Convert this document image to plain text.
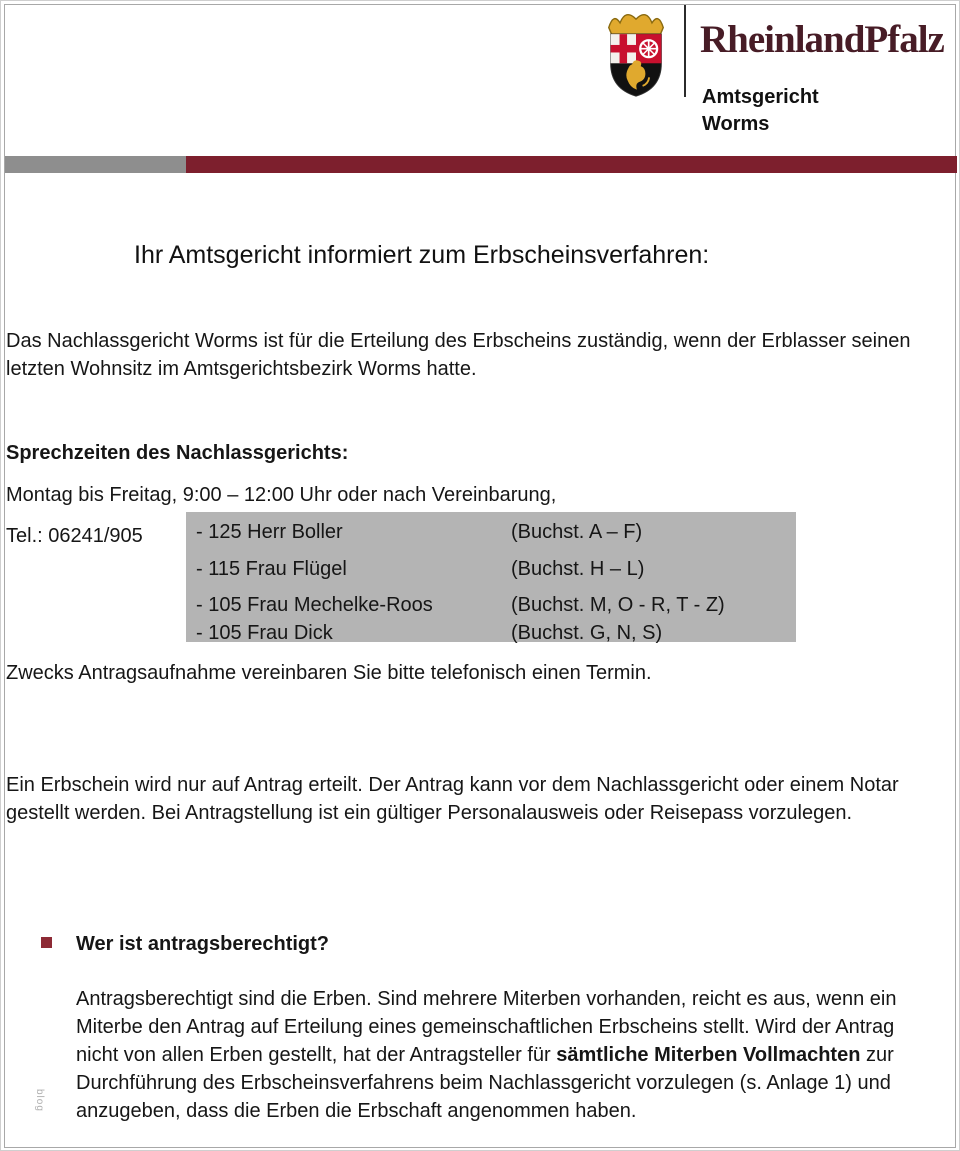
RheinlandPfalz
Amtsgericht
Worms
Ihr Amtsgericht informiert zum Erbscheinsverfahren:
Das Nachlassgericht Worms ist für die Erteilung des Erbscheins zuständig, wenn der Erblasser seinen letzten Wohnsitz im Amtsgerichtsbezirk Worms hatte.
Sprechzeiten des Nachlassgerichts:
Montag bis Freitag, 9:00 – 12:00 Uhr oder nach Vereinbarung,
Tel.: 06241/905	- 125 Herr Boller	(Buchst. A – F)
- 115 Frau Flügel	(Buchst. H – L)
- 105 Frau Mechelke-Roos	(Buchst. M, O - R, T - Z)
- 105 Frau Dick	(Buchst. G, N, S)
Zwecks Antragsaufnahme vereinbaren Sie bitte telefonisch einen Termin.
Ein Erbschein wird nur auf Antrag erteilt. Der Antrag kann vor dem Nachlassgericht oder einem Notar gestellt werden. Bei Antragstellung ist ein gültiger Personalausweis oder Reisepass vorzulegen.
Wer ist antragsberechtigt?
Antragsberechtigt sind die Erben. Sind mehrere Miterben vorhanden, reicht es aus, wenn ein Miterbe den Antrag auf Erteilung eines gemeinschaftlichen Erbscheins stellt. Wird der Antrag nicht von allen Erben gestellt, hat der Antragsteller für sämtliche Miterben Vollmachten zur Durchführung des Erbscheinsverfahrens beim Nachlassgericht vorzulegen (s. Anlage 1) und anzugeben, dass die Erben die Erbschaft angenommen haben.
blog
